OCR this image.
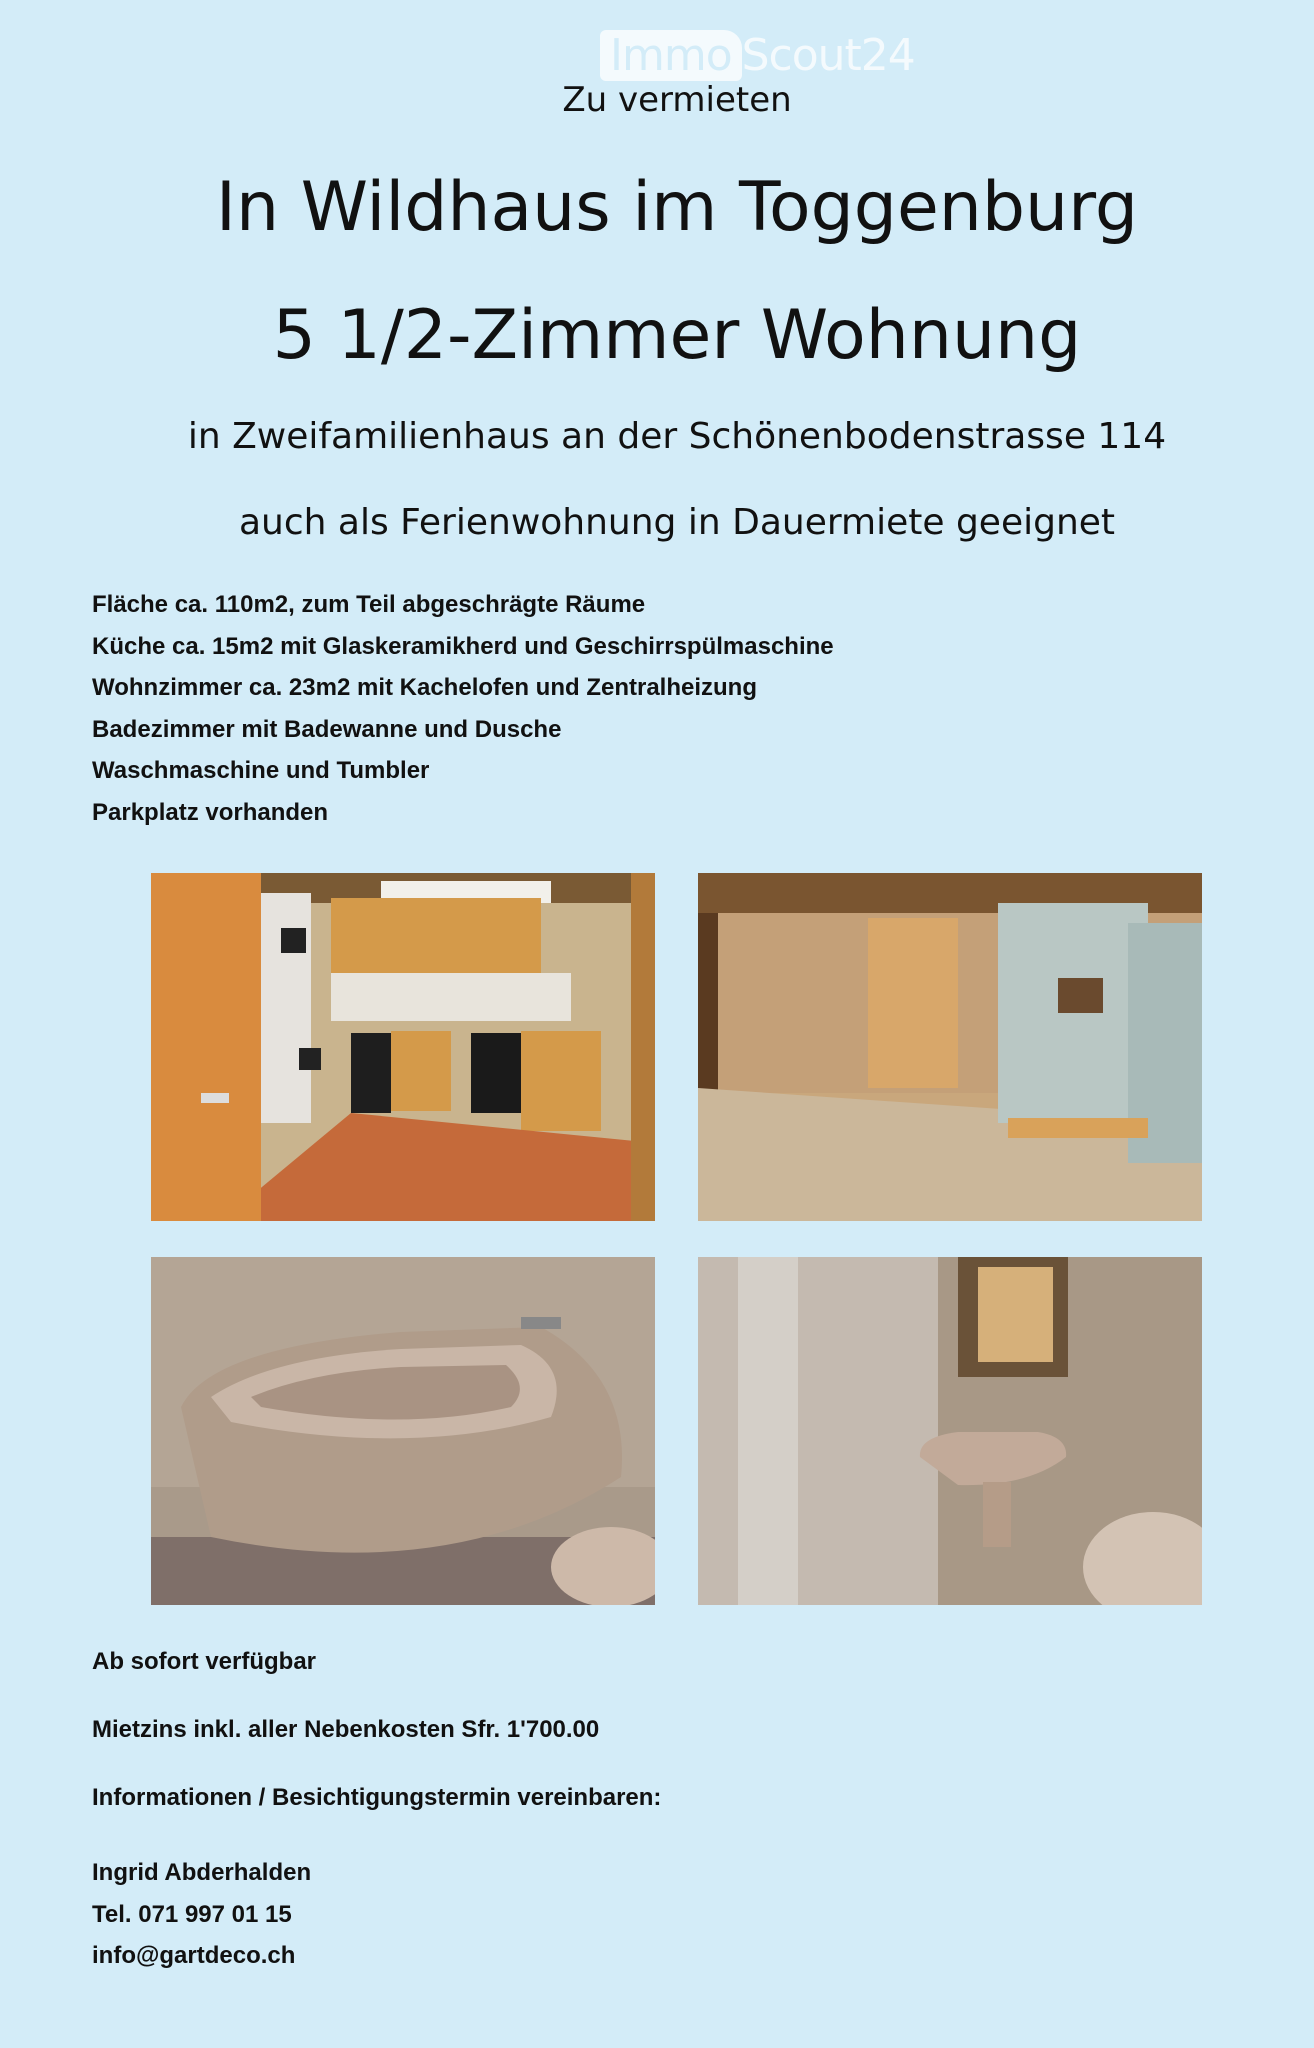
Immo Scout24
Zu vermieten
In Wildhaus im Toggenburg
5 1/2-Zimmer Wohnung
in Zweifamilienhaus an der Schönenbodenstrasse 114
auch als Ferienwohnung in Dauermiete geeignet
Fläche ca. 110m2, zum Teil abgeschrägte Räume
Küche ca. 15m2 mit Glaskeramikherd und Geschirrspülmaschine
Wohnzimmer ca. 23m2 mit Kachelofen und Zentralheizung
Badezimmer mit Badewanne und Dusche
Waschmaschine und Tumbler
Parkplatz vorhanden
Ab sofort verfügbar
Mietzins inkl. aller Nebenkosten Sfr. 1'700.00
Informationen / Besichtigungstermin vereinbaren:
Ingrid Abderhalden
Tel. 071 997 01 15
info@gartdeco.ch
